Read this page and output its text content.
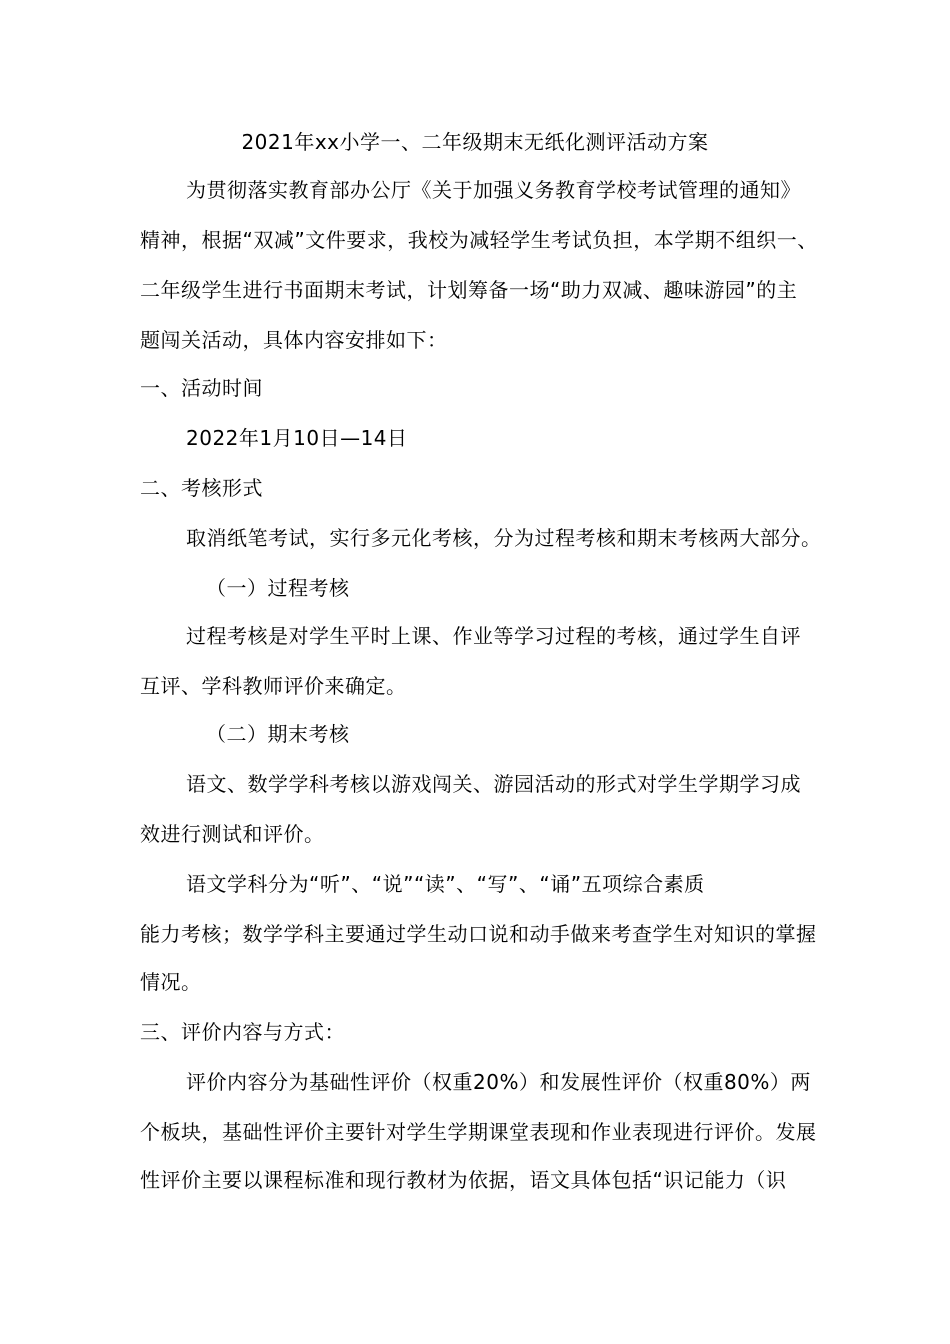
2021年xx小学一、二年级期末无纸化测评活动方案
为贯彻落实教育部办公厅《关于加强义务教育学校考试管理的通知》
精神，根据“双减”文件要求，我校为减轻学生考试负担，本学期不组织一、
二年级学生进行书面期末考试，计划筹备一场“助力双减、趣味游园”的主
题闯关活动，具体内容安排如下：
一、活动时间
2022年1月10日—14日
二、考核形式
取消纸笔考试，实行多元化考核，分为过程考核和期末考核两大部分。
（一）过程考核
过程考核是对学生平时上课、作业等学习过程的考核，通过学生自评
互评、学科教师评价来确定。
（二）期末考核
语文、数学学科考核以游戏闯关、游园活动的形式对学生学期学习成
效进行测试和评价。
语文学科分为“听”、“说”“读”、“写”、“诵”五项综合素质
能力考核；数学学科主要通过学生动口说和动手做来考查学生对知识的掌握
情况。
三、评价内容与方式：
评价内容分为基础性评价（权重20%）和发展性评价（权重80%）两
个板块，基础性评价主要针对学生学期课堂表现和作业表现进行评价。发展
性评价主要以课程标准和现行教材为依据，语文具体包括“识记能力（识
